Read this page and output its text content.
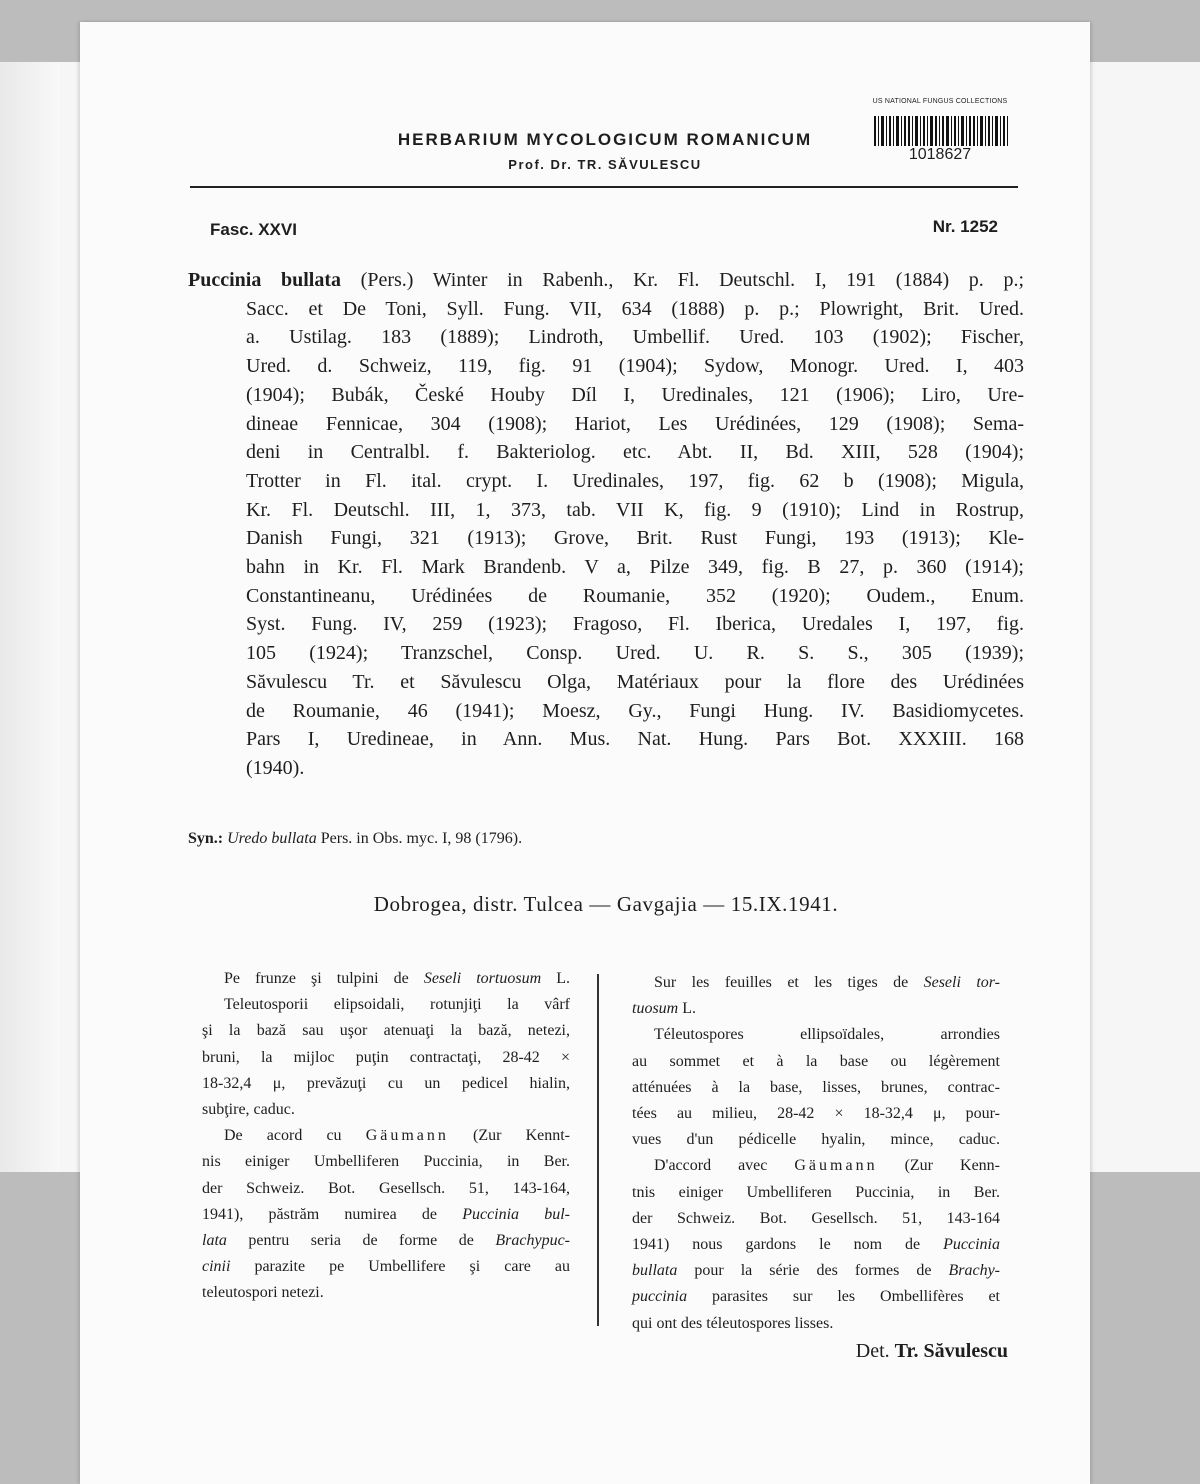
HERBARIUM MYCOLOGICUM ROMANICUM
Prof. Dr. TR. SĂVULESCU
US NATIONAL FUNGUS COLLECTIONS
1018627
Fasc. XXVI	Nr. 1252
Puccinia bullata (Pers.) Winter in Rabenh., Kr. Fl. Deutschl. I, 191 (1884) p. p.;
Sacc. et De Toni, Syll. Fung. VII, 634 (1888) p. p.; Plowright, Brit. Ured.
a. Ustilag. 183 (1889); Lindroth, Umbellif. Ured. 103 (1902); Fischer,
Ured. d. Schweiz, 119, fig. 91 (1904); Sydow, Monogr. Ured. I, 403
(1904); Bubák, České Houby Díl I, Uredinales, 121 (1906); Liro, Ure-
dineae Fennicae, 304 (1908); Hariot, Les Urédinées, 129 (1908); Sema-
deni in Centralbl. f. Bakteriolog. etc. Abt. II, Bd. XIII, 528 (1904);
Trotter in Fl. ital. crypt. I. Uredinales, 197, fig. 62 b (1908); Migula,
Kr. Fl. Deutschl. III, 1, 373, tab. VII K, fig. 9 (1910); Lind in Rostrup,
Danish Fungi, 321 (1913); Grove, Brit. Rust Fungi, 193 (1913); Kle-
bahn in Kr. Fl. Mark Brandenb. V a, Pilze 349, fig. B 27, p. 360 (1914);
Constantineanu, Urédinées de Roumanie, 352 (1920); Oudem., Enum.
Syst. Fung. IV, 259 (1923); Fragoso, Fl. Iberica, Uredales I, 197, fig.
105 (1924); Tranzschel, Consp. Ured. U. R. S. S., 305 (1939);
Săvulescu Tr. et Săvulescu Olga, Matériaux pour la flore des Urédinées
de Roumanie, 46 (1941); Moesz, Gy., Fungi Hung. IV. Basidiomycetes.
Pars I, Uredineae, in Ann. Mus. Nat. Hung. Pars Bot. XXXIII. 168
(1940).
Syn.: Uredo bullata Pers. in Obs. myc. I, 98 (1796).
Dobrogea, distr. Tulcea — Gavgajia — 15.IX.1941.
Pe frunze şi tulpini de Seseli tortuosum L.
Teleutosporii elipsoidali, rotunjiţi la vârf
şi la bază sau uşor atenuaţi la bază, netezi,
bruni, la mijloc puţin contractaţi, 28-42 ×
18-32,4 μ, prevăzuţi cu un pedicel hialin,
subţire, caduc.
De acord cu Gäumann (Zur Kennt-
nis einiger Umbelliferen Puccinia, in Ber.
der Schweiz. Bot. Gesellsch. 51, 143-164,
1941), păstrăm numirea de Puccinia bul-
lata pentru seria de forme de Brachypuc-
cinii parazite pe Umbellifere şi care au
teleutospori netezi.
Sur les feuilles et les tiges de Seseli tor-
tuosum L.
Téleutospores ellipsoïdales, arrondies
au sommet et à la base ou légèrement
atténuées à la base, lisses, brunes, contrac-
tées au milieu, 28-42 × 18-32,4 μ, pour-
vues d'un pédicelle hyalin, mince, caduc.
D'accord avec Gäumann (Zur Kenn-
tnis einiger Umbelliferen Puccinia, in Ber.
der Schweiz. Bot. Gesellsch. 51, 143-164
1941) nous gardons le nom de Puccinia
bullata pour la série des formes de Brachy-
puccinia parasites sur les Ombellifères et
qui ont des téleutospores lisses.
Det. Tr. Săvulescu
